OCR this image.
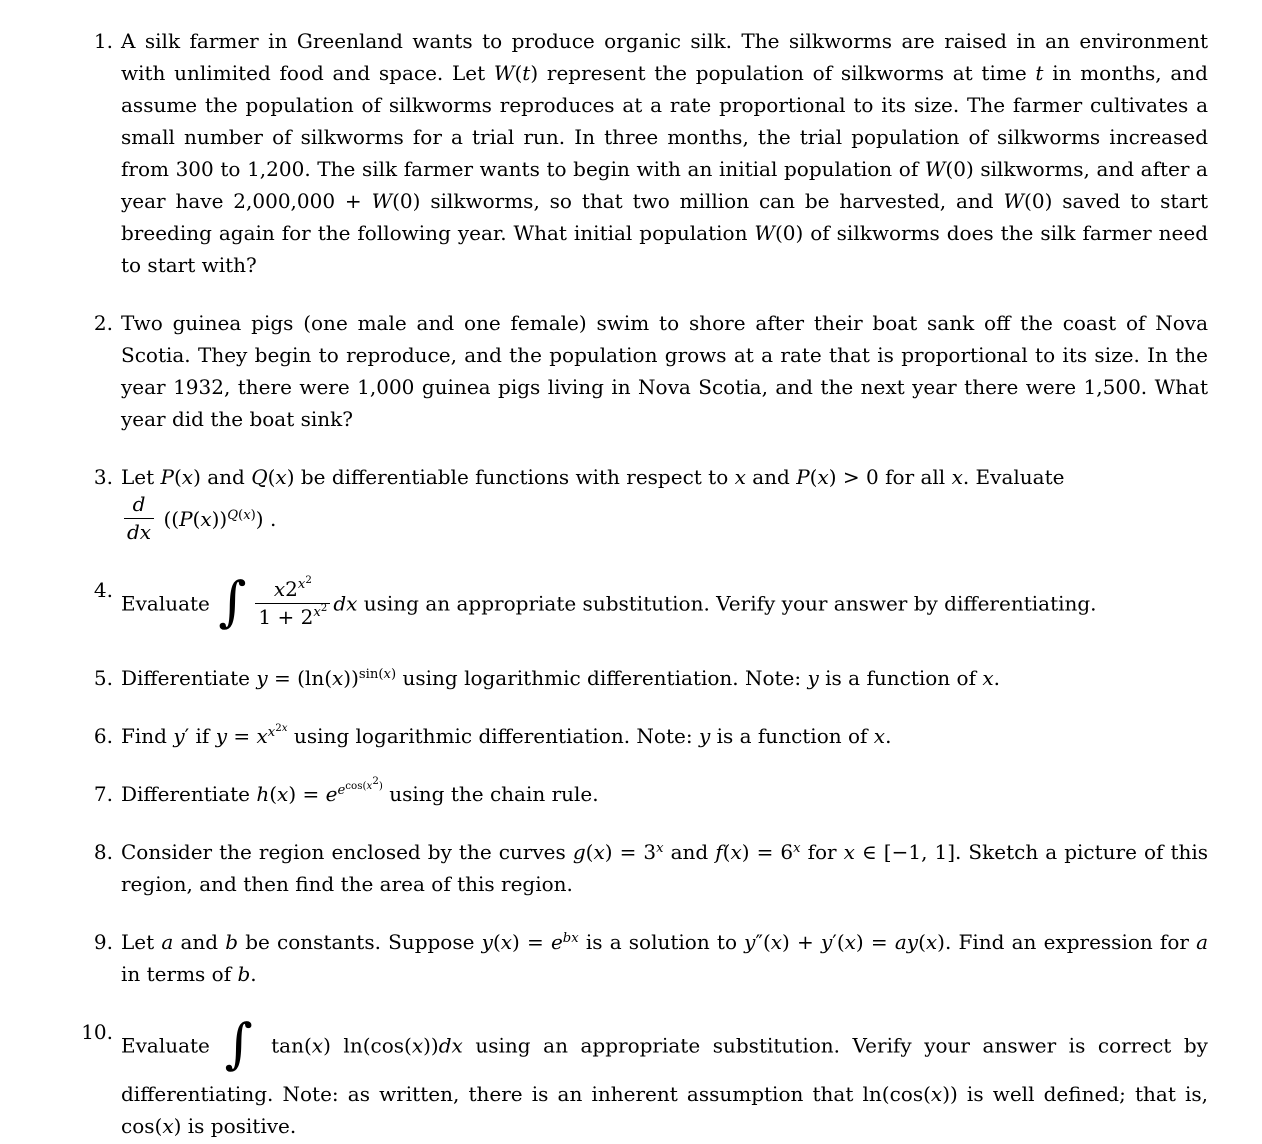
1. A silk farmer in Greenland wants to produce organic silk. The silkworms are raised in an environment with unlimited food and space. Let W(t) represent the population of silkworms at time t in months, and assume the population of silkworms reproduces at a rate proportional to its size. The farmer cultivates a small number of silkworms for a trial run. In three months, the trial population of silkworms increased from 300 to 1,200. The silk farmer wants to begin with an initial population of W(0) silkworms, and after a year have 2,000,000 + W(0) silkworms, so that two million can be harvested, and W(0) saved to start breeding again for the following year. What initial population W(0) of silkworms does the silk farmer need to start with?
2. Two guinea pigs (one male and one female) swim to shore after their boat sank off the coast of Nova Scotia. They begin to reproduce, and the population grows at a rate that is proportional to its size. In the year 1932, there were 1,000 guinea pigs living in Nova Scotia, and the next year there were 1,500. What year did the boat sink?
3. Let P(x) and Q(x) be differentiable functions with respect to x and P(x) > 0 for all x. Evaluate

$\frac{d}{dx} ((P(x))^{Q(x)})$ .
4.
Evaluate ∫ $\frac{x2^{x^2}}{1 + 2^{x^2}}$ dx using an appropriate substitution. Verify your answer by differentiating.
5. Differentiate $y = (\ln(x))^{sin(x)}$ using logarithmic differentiation. Note: y is a function of x.
6. Find y′ if $y = x^{x^{2x}}$ using logarithmic differentiation. Note: y is a function of x.
7. Differentiate $h(x) = e^{e^{cos(x^2)}}$ using the chain rule.
8. Consider the region enclosed by the curves $g(x) = 3^x$ and $f(x) = 6^x$ for x ∈ [−1, 1]. Sketch a picture of this region, and then find the area of this region.
9. Let a and b be constants. Suppose $y(x) = e^{bx}$ is a solution to y″(x) + y′(x) = ay(x). Find an expression for a in terms of b.
10.
Evaluate ∫ tan(x) ln(cos(x))dx using an appropriate substitution. Verify your answer is correct by differentiating. Note: as written, there is an inherent assumption that ln(cos(x)) is well defined; that is, cos(x) is positive.
